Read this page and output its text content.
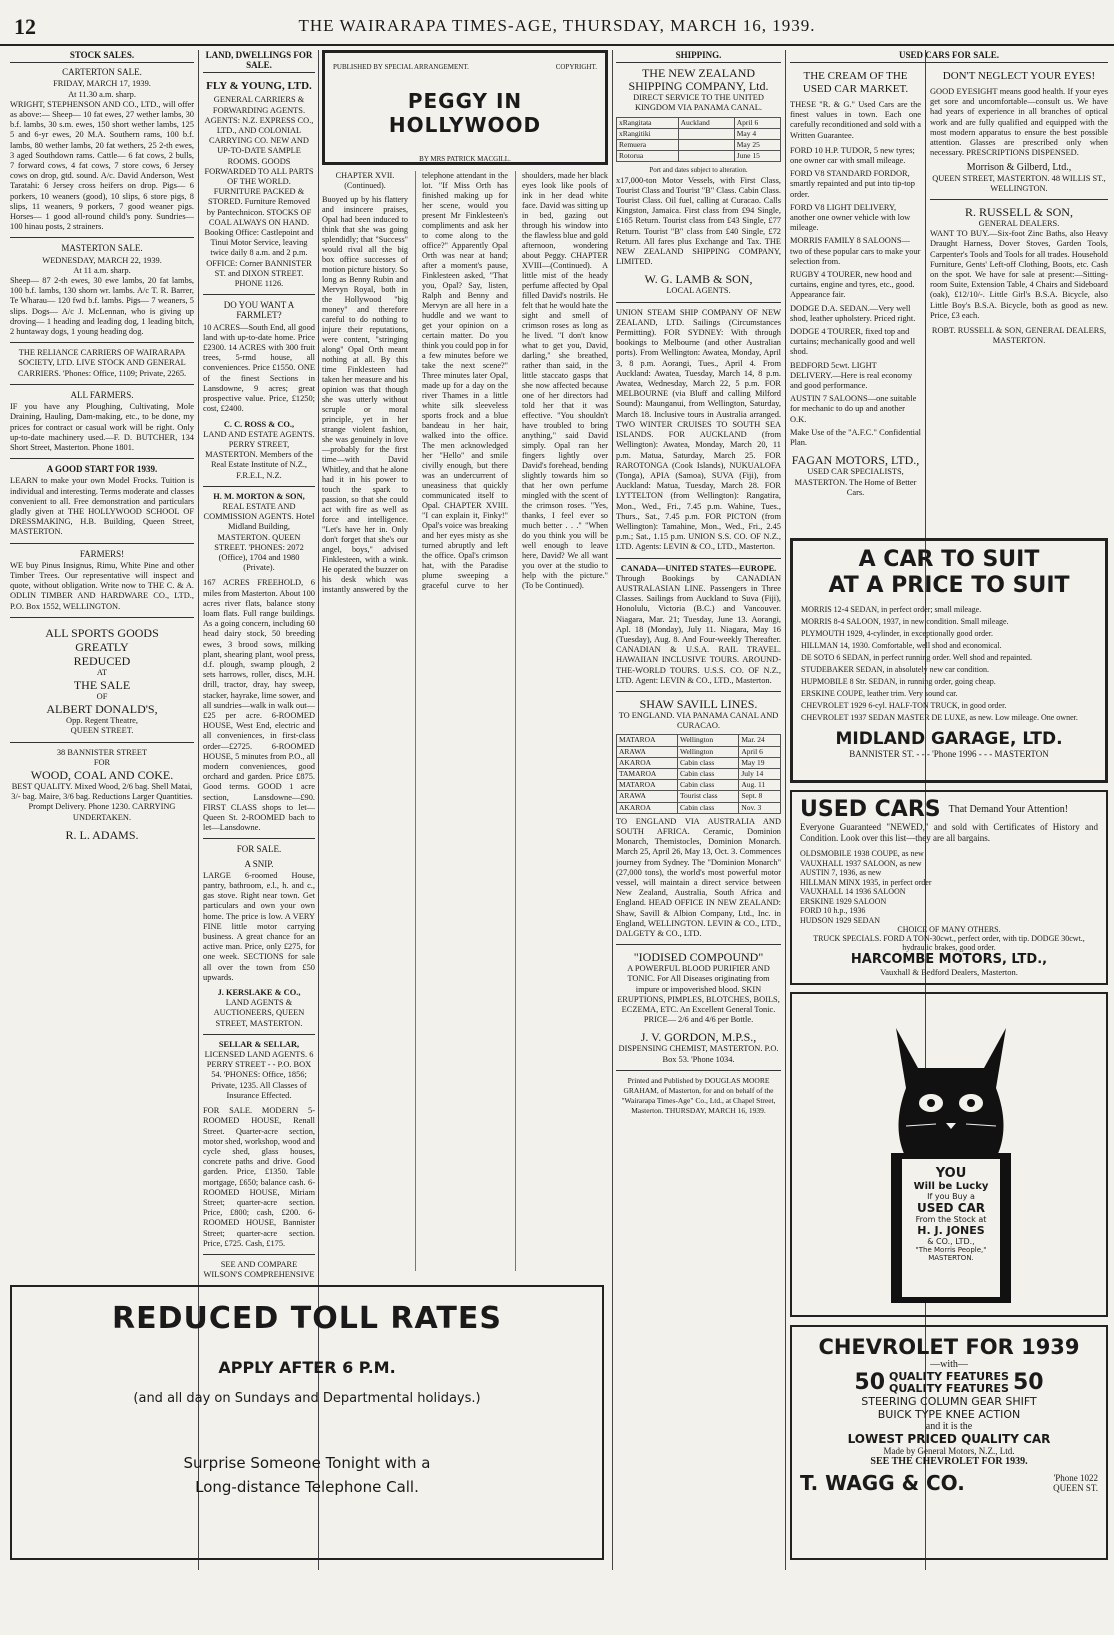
12	THE WAIRARAPA TIMES-AGE, THURSDAY, MARCH 16, 1939.
STOCK SALES.
CARTERTON SALE.
FRIDAY, MARCH 17, 1939.
At 11.30 a.m. sharp.

WRIGHT, STEPHENSON AND CO., LTD., will offer as above:— Sheep— 10 fat ewes, 27 wether lambs, 30 b.f. lambs, 30 s.m. ewes, 150 short wether lambs, 125 5 and 6-yr ewes, 20 M.A. Southern rams, 100 b.f. lambs, 80 wether lambs, 20 fat wethers, 25 2-th ewes, 3 aged Southdown rams. Cattle— 6 fat cows, 2 bulls, 7 forward cows, 4 fat cows, 7 store cows, 6 Jersey cows on drop, gtd. sound. A/c. David Anderson, West Taratahi: 6 Jersey cross heifers on drop. Pigs— 6 porkers, 10 weaners (good), 10 slips, 6 store pigs, 8 slips, 11 weaners, 9 porkers, 7 good weaner pigs. Horses— 1 good all-round child's pony. Sundries— 100 hinau posts, 2 strainers.

MASTERTON SALE.
WEDNESDAY, MARCH 22, 1939.
At 11 a.m. sharp.

Sheep— 87 2-th ewes, 30 ewe lambs, 20 fat lambs, 100 b.f. lambs, 130 shorn wr. lambs. A/c T. R. Barrer, Te Wharau— 120 fwd b.f. lambs. Pigs— 7 weaners, 5 slips. Dogs— A/c J. McLennan, who is giving up droving— 1 heading and leading dog, 1 leading bitch, 2 huntaway dogs, 1 young heading dog.

THE RELIANCE CARRIERS OF WAIRARAPA SOCIETY, LTD. LIVE STOCK AND GENERAL CARRIERS. 'Phones: Office, 1109; Private, 2265.

ALL FARMERS.

IF you have any Ploughing, Cultivating, Mole Draining, Hauling, Dam-making, etc., to be done, my prices for contract or casual work will be right. Only up-to-date machinery used.—F. D. BUTCHER, 134 Short Street, Masterton. Phone 1801.

A GOOD START FOR 1939.

LEARN to make your own Model Frocks. Tuition is individual and interesting. Terms moderate and classes convenient to all. Free demonstration and particulars gladly given at THE HOLLYWOOD SCHOOL OF DRESSMAKING, H.B. Building, Queen Street, MASTERTON.

FARMERS!

WE buy Pinus Insignus, Rimu, White Pine and other Timber Trees. Our representative will inspect and quote, without obligation. Write now to THE C. & A. ODLIN TIMBER AND HARDWARE CO., LTD., P.O. Box 1552, WELLINGTON.

ALL SPORTS GOODS
GREATLY
REDUCED
AT
THE SALE
OF
ALBERT DONALD'S,
Opp. Regent Theatre,
QUEEN STREET.
38 BANNISTER STREET
FOR
WOOD, COAL AND COKE.

BEST QUALITY. Mixed Wood, 2/6 bag. Shell Matai, 3/- bag. Maire, 3/6 bag. Reductions Larger Quantities. Prompt Delivery. Phone 1230. CARRYING UNDERTAKEN.

R. L. ADAMS.
LAND, DWELLINGS FOR SALE.
FLY & YOUNG, LTD.

GENERAL CARRIERS & FORWARDING AGENTS. AGENTS: N.Z. EXPRESS CO., LTD., AND COLONIAL CARRYING CO. NEW AND UP-TO-DATE SAMPLE ROOMS. GOODS FORWARDED TO ALL PARTS OF THE WORLD. FURNITURE PACKED & STORED. Furniture Removed by Pantechnicon. STOCKS OF COAL ALWAYS ON HAND. Booking Office: Castlepoint and Tinui Motor Service, leaving twice daily 8 a.m. and 2 p.m. OFFICE: Corner BANNISTER ST. and DIXON STREET. PHONE 1126.

DO YOU WANT A FARMLET?

10 ACRES—South End, all good land with up-to-date home. Price £2300. 14 ACRES with 300 fruit trees, 5-rmd house, all conveniences. Price £1550. ONE of the finest Sections in Lansdowne, 9 acres; great prospective value. Price, £1250; cost, £2400.

C. C. ROSS & CO.,

LAND AND ESTATE AGENTS. PERRY STREET, MASTERTON. Members of the Real Estate Institute of N.Z., F.R.E.I., N.Z.

H. M. MORTON & SON,

REAL ESTATE AND COMMISSION AGENTS. Hotel Midland Building, MASTERTON. QUEEN STREET. 'PHONES: 2072 (Office), 1704 and 1980 (Private).

167 ACRES FREEHOLD, 6 miles from Masterton. About 100 acres river flats, balance stony loam flats. Full range buildings. As a going concern, including 60 head dairy stock, 50 breeding ewes, 3 brood sows, milking plant, shearing plant, wool press, d.f. plough, swamp plough, 2 sets harrows, roller, discs, M.H. drill, tractor, dray, hay sweep, stacker, hayrake, lime sower, and all sundries—walk in walk out—£25 per acre. 6-ROOMED HOUSE, West End, electric and all conveniences, in first-class order—£2725. 6-ROOMED HOUSE, 5 minutes from P.O., all modern conveniences, good orchard and garden. Price £875. Good terms. GOOD 1 acre section, Lansdowne—£90. FIRST CLASS shops to let—Queen St. 2-ROOMED bach to let—Lansdowne.

FOR SALE.
A SNIP.

LARGE 6-roomed House, pantry, bathroom, e.l., h. and c., gas stove. Right near town. Get particulars and own your own home. The price is low. A VERY FINE little motor carrying business. A great chance for an active man. Price, only £275, for one week. SECTIONS for sale all over the town from £50 upwards.

J. KERSLAKE & CO.,

LAND AGENTS & AUCTIONEERS, QUEEN STREET, MASTERTON.

SELLAR & SELLAR,

LICENSED LAND AGENTS. 6 PERRY STREET - - P.O. BOX 54. 'PHONES: Office, 1856; Private, 1235. All Classes of Insurance Effected.

FOR SALE. MODERN 5-ROOMED HOUSE, Renall Street. Quarter-acre section, motor shed, workshop, wood and cycle shed, glass houses, concrete paths and drive. Good garden. Price, £1350. Table mortgage, £650; balance cash. 6-ROOMED HOUSE, Miriam Street; quarter-acre section. Price, £800; cash, £200. 6-ROOMED HOUSE, Bannister Street; quarter-acre section. Price, £725. Cash, £175.

SEE AND COMPARE WILSON'S COMPREHENSIVE

PUBLISHED BY SPECIAL ARRANGEMENT.	COPYRIGHT.
PEGGY IN HOLLYWOOD
BY MRS PATRICK MACGILL.
CHAPTER XVII.
(Continued).

Buoyed up by his flattery and insincere praises, Opal had been induced to think that she was going splendidly; that "Success" would rival all the big box office successes of motion picture history. So long as Benny Rubin and Mervyn Royal, both in the Hollywood "big money" and therefore careful to do nothing to injure their reputations, were content, "stringing along" Opal Orth meant nothing at all. By this time Finklesteen had taken her measure and his opinion was that though she was utterly without scruple or moral principle, yet in her strange violent fashion, she was genuinely in love—probably for the first time—with David Whitley, and that he alone had it in his power to touch the spark to passion, so that she could act with fire as well as force and intelligence. "Let's have her in. Only don't forget that she's our angel, boys," advised Finklesteen, with a wink. He operated the buzzer on his desk which was instantly answered by the telephone attendant in the lot. "If Miss Orth has finished making up for her scene, would you present Mr Finklesteen's compliments and ask her to come along to the office?" Apparently Opal Orth was near at hand; after a moment's pause, Finklesteen asked, "That you, Opal? Say, listen, Ralph and Benny and Mervyn are all here in a huddle and we want to get your opinion on a certain matter. Do you think you could pop in for a few minutes before we take the next scene?" Three minutes later Opal, made up for a day on the river Thames in a little white silk sleeveless sports frock and a blue bandeau in her hair, walked into the office. The men acknowledged her "Hello" and smile civilly enough, but there was an undercurrent of uneasiness that quickly communicated itself to Opal. CHAPTER XVIII. "I can explain it, Finky!" Opal's voice was breaking and her eyes misty as she turned abruptly and left the office. Opal's crimson hat, with the Paradise plume sweeping a graceful curve to her shoulders, made her black eyes look like pools of ink in her dead white face. David was sitting up in bed, gazing out through his window into the flawless blue and gold afternoon, wondering about Peggy. CHAPTER XVIII—(Continued). A little mist of the heady perfume affected by Opal filled David's nostrils. He felt that he would hate the sight and smell of crimson roses as long as he lived. "I don't know what to get you, David, darling," she breathed, rather than said, in the little staccato gasps that she now affected because one of her directors had told her that it was effective. "You shouldn't have troubled to bring anything," said David simply. Opal ran her fingers lightly over David's forehead, bending slightly towards him so that her own perfume mingled with the scent of the crimson roses. "Yes, thanks, I feel ever so much better . . ." "When do you think you will be well enough to leave here, David? We all want you over at the studio to help with the picture." (To be Continued).

REDUCED TOLL RATES
APPLY AFTER 6 P.M.
(and all day on Sundays and Departmental holidays.)
Surprise Someone Tonight with a
Long-distance Telephone Call.
SHIPPING.
THE NEW ZEALAND SHIPPING COMPANY, Ltd.
DIRECT SERVICE TO THE UNITED KINGDOM VIA PANAMA CANAL.
xRangitata	Auckland	April 6
xRangitiki		May 4
Remuera		May 25
Rotorua		June 15
Port and dates subject to alteration.

x17,000-ton Motor Vessels, with First Class, Tourist Class and Tourist "B" Class. Cabin Class. Tourist Class. Oil fuel, calling at Curacao. Calls Kingston, Jamaica. First class from £94 Single, £165 Return. Tourist class from £43 Single, £77 Return. Tourist "B" class from £40 Single, £72 Return. All fares plus Exchange and Tax. THE NEW ZEALAND SHIPPING COMPANY, LIMITED.

W. G. LAMB & SON,
LOCAL AGENTS.

UNION STEAM SHIP COMPANY OF NEW ZEALAND, LTD. Sailings (Circumstances Permitting). FOR SYDNEY: With through bookings to Melbourne (and other Australian ports). From Wellington: Awatea, Monday, April 3, 8 p.m. Aorangi, Tues., April 4. From Auckland: Awatea, Tuesday, March 14, 8 p.m. Awatea, Wednesday, March 22, 5 p.m. FOR MELBOURNE (via Bluff and calling Milford Sound): Maunganui, from Wellington, Saturday, March 18. Inclusive tours in Australia arranged. TWO WINTER CRUISES TO SOUTH SEA ISLANDS. FOR AUCKLAND (from Wellington): Awatea, Monday, March 20, 11 p.m. Matua, Saturday, March 25. FOR RAROTONGA (Cook Islands), NUKUALOFA (Tonga), APIA (Samoa), SUVA (Fiji), from Auckland: Matua, Tuesday, March 28. FOR LYTTELTON (from Wellington): Rangatira, Mon., Wed., Fri., 7.45 p.m. Wahine, Tues., Thurs., Sat., 7.45 p.m. FOR PICTON (from Wellington): Tamahine, Mon., Wed., Fri., 2.45 p.m.; Sat., 1.15 p.m. UNION S.S. CO. OF N.Z., LTD. Agents: LEVIN & CO., LTD., Masterton.

CANADA—UNITED STATES—EUROPE.

Through Bookings by CANADIAN AUSTRALASIAN LINE. Passengers in Three Classes. Sailings from Auckland to Suva (Fiji), Honolulu, Victoria (B.C.) and Vancouver. Niagara, Mar. 21; Tuesday, June 13. Aorangi, Apl. 18 (Monday), July 11. Niagara, May 16 (Tuesday), Aug. 8. And Four-weekly Thereafter. CANADIAN & U.S.A. RAIL TRAVEL. HAWAIIAN INCLUSIVE TOURS. AROUND-THE-WORLD TOURS. U.S.S. CO. OF N.Z., LTD. Agent: LEVIN & CO., LTD., Masterton.

SHAW SAVILL LINES.
TO ENGLAND. VIA PANAMA CANAL AND CURACAO.
MATAROA	Wellington	Mar. 24
ARAWA	Wellington	April 6
AKAROA	Cabin class	May 19
TAMAROA	Cabin class	July 14
MATAROA	Cabin class	Aug. 11
ARAWA	Tourist class	Sept. 8
AKAROA	Cabin class	Nov. 3

TO ENGLAND VIA AUSTRALIA AND SOUTH AFRICA. Ceramic, Dominion Monarch, Themistocles, Dominion Monarch. March 25, April 26, May 13, Oct. 3. Commences journey from Sydney. The "Dominion Monarch" (27,000 tons), the world's most powerful motor vessel, will maintain a direct service between New Zealand, Australia, South Africa and England. HEAD OFFICE IN NEW ZEALAND: Shaw, Savill & Albion Company, Ltd., Inc. in England, WELLINGTON. LEVIN & CO., LTD., DALGETY & CO., LTD.

"IODISED COMPOUND"

A POWERFUL BLOOD PURIFIER AND TONIC. For All Diseases originating from impure or impoverished blood. SKIN ERUPTIONS, PIMPLES, BLOTCHES, BOILS, ECZEMA, ETC. An Excellent General Tonic. PRICE— 2/6 and 4/6 per Bottle.

J. V. GORDON, M.P.S.,

DISPENSING CHEMIST, MASTERTON. P.O. Box 53. 'Phone 1034.

Printed and Published by DOUGLAS MOORE GRAHAM, of Masterton, for and on behalf of the "Wairarapa Times-Age" Co., Ltd., at Chapel Street, Masterton. THURSDAY, MARCH 16, 1939.

USED CARS FOR SALE.
THE CREAM OF THE USED CAR MARKET.

THESE "R. & G." Used Cars are the finest values in town. Each one carefully reconditioned and sold with a Written Guarantee.

FORD 10 H.P. TUDOR, 5 new tyres; one owner car with small mileage.
FORD V8 STANDARD FORDOR, smartly repainted and put into tip-top order.
FORD V8 LIGHT DELIVERY, another one owner vehicle with low mileage.
MORRIS FAMILY 8 SALOONS—two of these popular cars to make your selection from.
RUGBY 4 TOURER, new hood and curtains, engine and tyres, etc., good. Appearance fair.
DODGE D.A. SEDAN.—Very well shod, leather upholstery. Priced right.
DODGE 4 TOURER, fixed top and curtains; mechanically good and well shod.
BEDFORD 5cwt. LIGHT DELIVERY.—Here is real economy and good performance.
AUSTIN 7 SALOONS—one suitable for mechanic to do up and another O.K.

Make Use of the "A.F.C." Confidential Plan.

FAGAN MOTORS, LTD.,

USED CAR SPECIALISTS, MASTERTON. The Home of Better Cars.

DON'T NEGLECT YOUR EYES!

GOOD EYESIGHT means good health. If your eyes get sore and uncomfortable—consult us. We have had years of experience in all branches of optical work and are fully qualified and equipped with the most modern apparatus to ensure the best possible attention. Glasses are prescribed only when necessary. PRESCRIPTIONS DISPENSED.

Morrison & Gilberd, Ltd.,

QUEEN STREET, MASTERTON. 48 WILLIS ST., WELLINGTON.

R. RUSSELL & SON,
GENERAL DEALERS.

WANT TO BUY.—Six-foot Zinc Baths, also Heavy Draught Harness, Dover Stoves, Garden Tools, Carpenter's Tools and Tools for all trades. Household Furniture, Gents' Left-off Clothing, Boots, etc. Cash on the spot. We have for sale at present:—Sitting-room Suite, Extension Table, 4 Chairs and Sideboard (oak), £12/10/-. Little Girl's B.S.A. Bicycle, also Little Boy's B.S.A. Bicycle, both as good as new. Price, £3 each.

ROBT. RUSSELL & SON, GENERAL DEALERS, MASTERTON.

A CAR TO SUIT
AT A PRICE TO SUIT
MORRIS 12-4 SEDAN, in perfect order; small mileage.
MORRIS 8-4 SALOON, 1937, in new condition. Small mileage.
PLYMOUTH 1929, 4-cylinder, in exceptionally good order.
HILLMAN 14, 1930. Comfortable, well shod and economical.
DE SOTO 6 SEDAN, in perfect running order. Well shod and repainted.
STUDEBAKER SEDAN, in absolutely new car condition.
HUPMOBILE 8 Str. SEDAN, in running order, going cheap.
ERSKINE COUPE, leather trim. Very sound car.
CHEVROLET 1929 6-cyl. HALF-TON TRUCK, in good order.
CHEVROLET 1937 SEDAN MASTER DE LUXE, as new. Low mileage. One owner.
MIDLAND GARAGE, LTD.
BANNISTER ST. - - - 'Phone 1996 - - - MASTERTON
USED CARS That Demand Your Attention!

Everyone Guaranteed "NEWED," and sold with Certificates of History and Condition. Look over this list—they are all bargains.

OLDSMOBILE 1938 COUPE, as new
VAUXHALL 1937 SALOON, as new
AUSTIN 7, 1936, as new
HILLMAN MINX 1935, in perfect order
VAUXHALL 14 1936 SALOON
ERSKINE 1929 SALOON
FORD 10 h.p., 1936
HUDSON 1929 SEDAN
CHOICE OF MANY OTHERS.
TRUCK SPECIALS. FORD A TON-30cwt., perfect order, with tip. DODGE 30cwt., hydraulic brakes, good order.
HARCOMBE MOTORS, LTD.,
Vauxhall & Bedford Dealers, Masterton.
YOU
Will be Lucky
If you Buy a
USED CAR
From the Stock at
H. J. JONES
& CO., LTD.,
"The Morris People,"
MASTERTON.
CHEVROLET FOR 1939
—with—
50 QUALITY FEATURES
QUALITY FEATURES 50
STEERING COLUMN GEAR SHIFT
BUICK TYPE KNEE ACTION
and it is the
LOWEST PRICED QUALITY CAR
Made by General Motors, N.Z., Ltd.
SEE THE CHEVROLET FOR 1939.
T. WAGG & CO.	'Phone 1022 QUEEN ST.
